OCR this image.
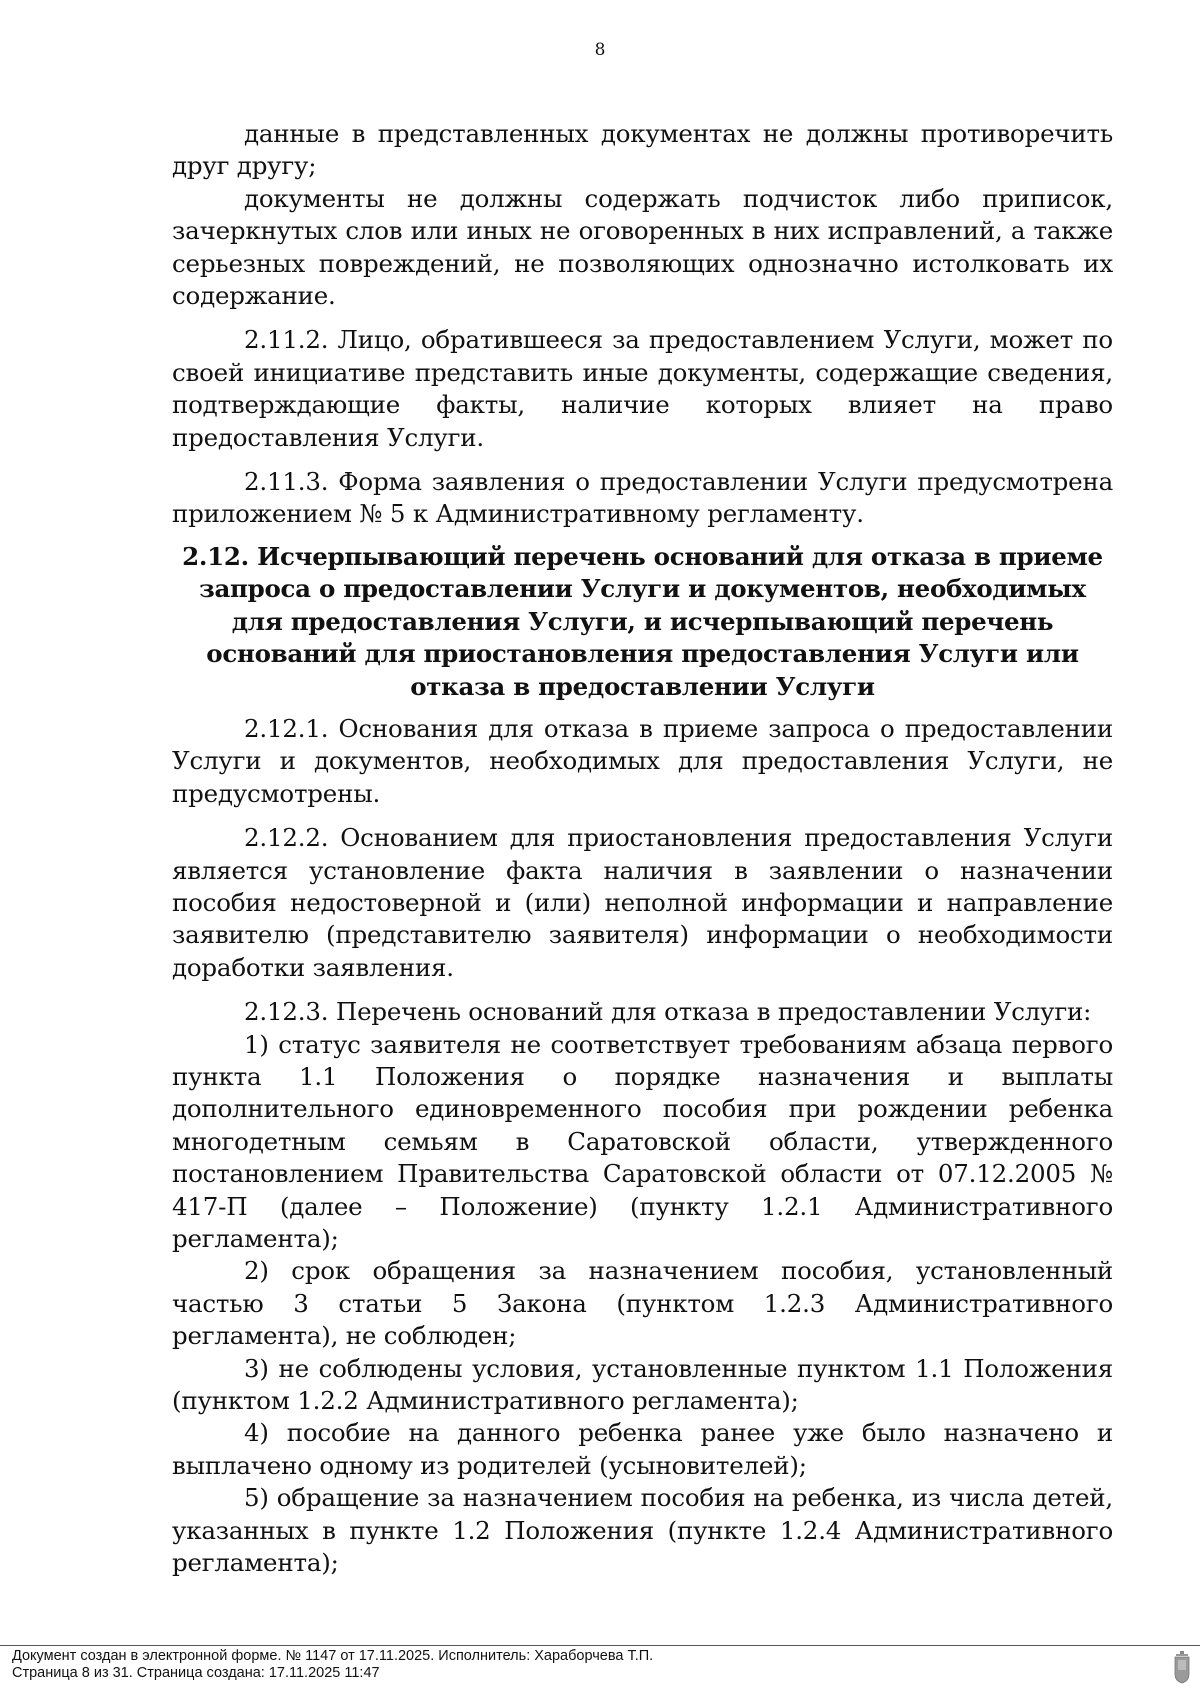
8

данные в представленных документах не должны противоречить друг другу;

документы не должны содержать подчисток либо приписок, зачеркнутых слов или иных не оговоренных в них исправлений, а также серьезных повреждений, не позволяющих однозначно истолковать их содержание.

2.11.2. Лицо, обратившееся за предоставлением Услуги, может по своей инициативе представить иные документы, содержащие сведения, подтверждающие факты, наличие которых влияет на право предоставления Услуги.

2.11.3. Форма заявления о предоставлении Услуги предусмотрена приложением № 5 к Административному регламенту.

2.12. Исчерпывающий перечень оснований для отказа в приеме запроса о предоставлении Услуги и документов, необходимых для предоставления Услуги, и исчерпывающий перечень оснований для приостановления предоставления Услуги или отказа в предоставлении Услуги

2.12.1. Основания для отказа в приеме запроса о предоставлении Услуги и документов, необходимых для предоставления Услуги, не предусмотрены.

2.12.2. Основанием для приостановления предоставления Услуги является установление факта наличия в заявлении о назначении пособия недостоверной и (или) неполной информации и направление заявителю (представителю заявителя) информации о необходимости доработки заявления.

2.12.3. Перечень оснований для отказа в предоставлении Услуги:

1) статус заявителя не соответствует требованиям абзаца первого пункта 1.1 Положения о порядке назначения и выплаты дополнительного единовременного пособия при рождении ребенка многодетным семьям в Саратовской области, утвержденного постановлением Правительства Саратовской области от 07.12.2005 № 417-П (далее – Положение) (пункту 1.2.1 Административного регламента);

2) срок обращения за назначением пособия, установленный частью 3 статьи 5 Закона (пунктом 1.2.3 Административного регламента), не соблюден;

3) не соблюдены условия, установленные пунктом 1.1 Положения (пунктом 1.2.2 Административного регламента);

4) пособие на данного ребенка ранее уже было назначено и выплачено одному из родителей (усыновителей);

5) обращение за назначением пособия на ребенка, из числа детей, указанных в пункте 1.2 Положения (пункте 1.2.4 Административного регламента);

Документ создан в электронной форме. № 1147 от 17.11.2025. Исполнитель: Хараборчева Т.П.
Страница 8 из 31. Страница создана: 17.11.2025 11:47
